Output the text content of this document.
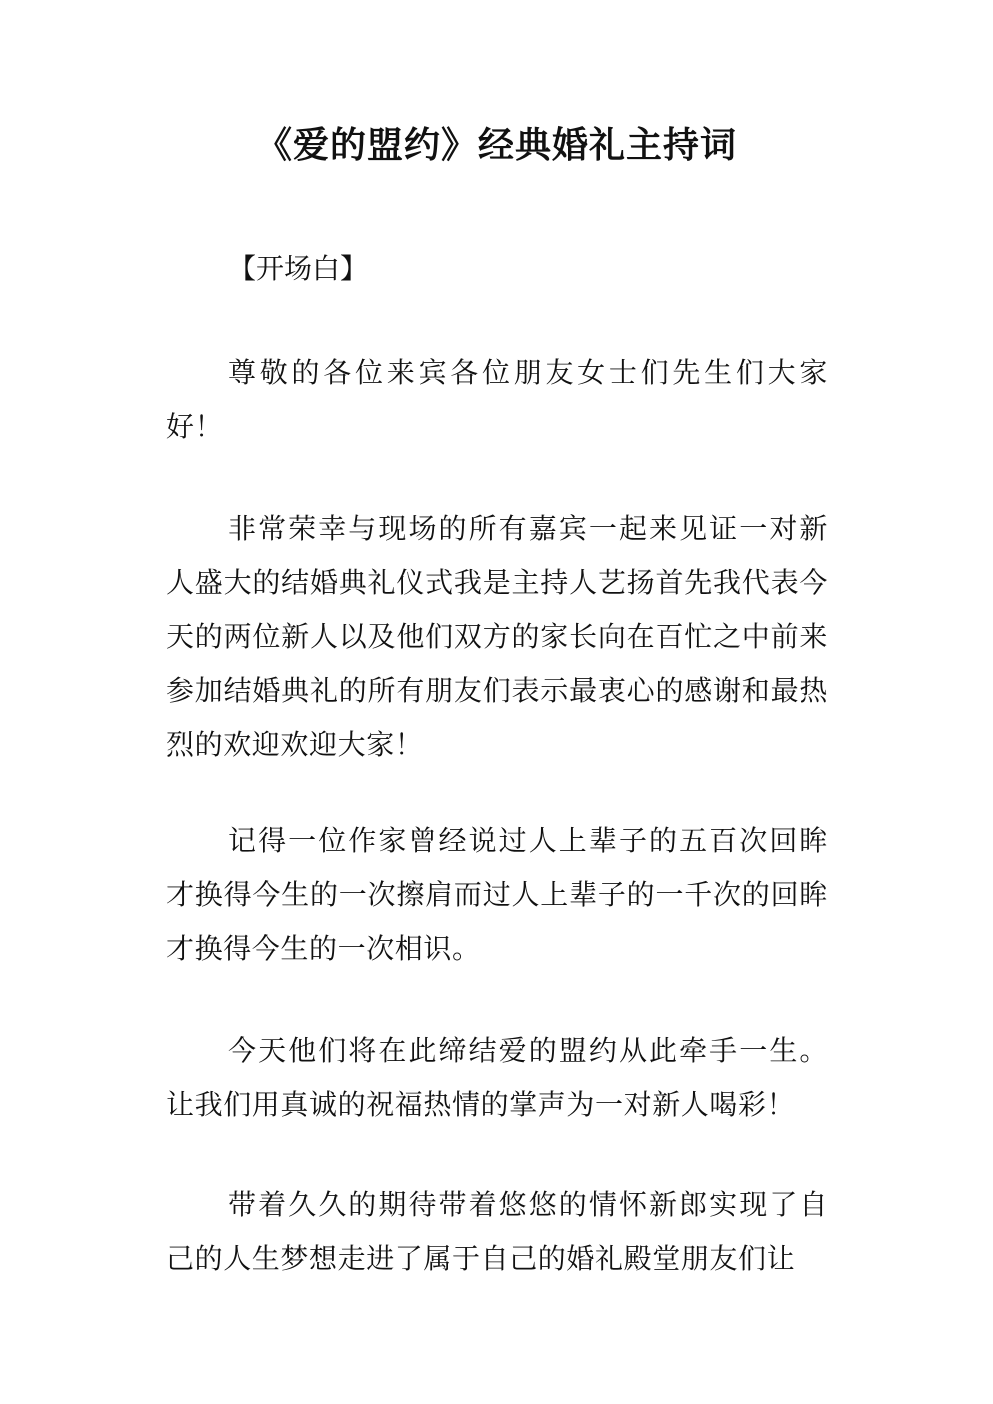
《爱的盟约》经典婚礼主持词

【开场白】

尊敬的各位来宾各位朋友女士们先生们大家好！

非常荣幸与现场的所有嘉宾一起来见证一对新人盛大的结婚典礼仪式我是主持人艺扬首先我代表今天的两位新人以及他们双方的家长向在百忙之中前来参加结婚典礼的所有朋友们表示最衷心的感谢和最热烈的欢迎欢迎大家！

记得一位作家曾经说过人上辈子的五百次回眸才换得今生的一次擦肩而过人上辈子的一千次的回眸才换得今生的一次相识。

今天他们将在此缔结爱的盟约从此牵手一生。让我们用真诚的祝福热情的掌声为一对新人喝彩！

带着久久的期待带着悠悠的情怀新郎实现了自己的人生梦想走进了属于自己的婚礼殿堂朋友们让
